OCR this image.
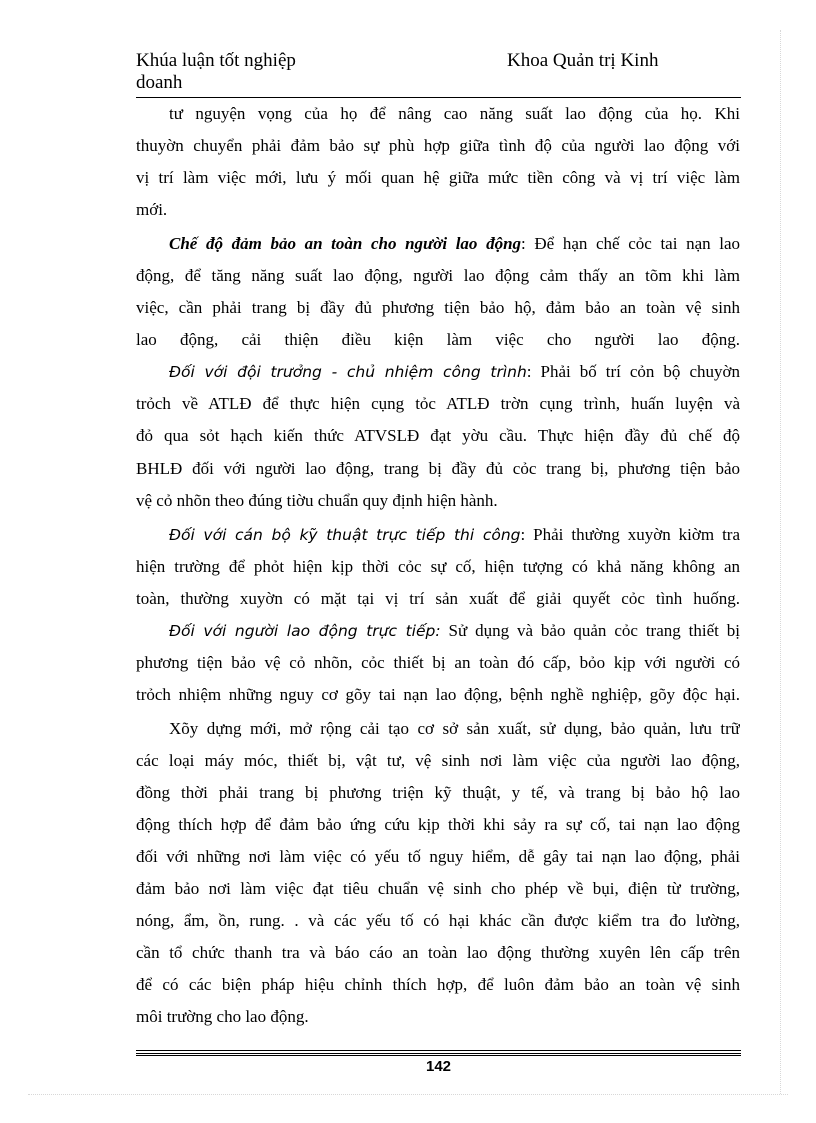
Khúa luận tốt nghiệp
doanh
Khoa Quản trị Kinh
tư nguyện vọng của họ để nâng cao năng suất lao động của họ. Khi
thuyờn chuyển phải đảm bảo sự phù hợp giữa tình độ của người lao động với
vị trí làm việc mới, lưu ý mối quan hệ giữa mức tiền công và vị trí việc làm
mới.
Chế độ đảm bảo an toàn cho người lao động: Để hạn chế cỏc tai nạn lao
động, để tăng năng suất lao động, người lao động cảm thấy an tõm khi làm
việc, cần phải trang bị đầy đủ phương tiện bảo hộ, đảm bảo an toàn vệ sinh
lao động, cải thiện điều kiện làm việc cho người lao động.
Đối với đội trưởng - chủ nhiệm công trình: Phải bố trí cỏn bộ chuyờn
trỏch về ATLĐ để thực hiện cụng tỏc ATLĐ trờn cụng trình, huấn luyện và
đỏ qua sỏt hạch kiến thức ATVSLĐ đạt yờu cầu. Thực hiện đầy đủ chế độ
BHLĐ đối với người lao động, trang bị đầy đủ cỏc trang bị, phương tiện bảo
vệ cỏ nhõn theo đúng tiờu chuẩn quy định hiện hành.
Đối với cán bộ kỹ thuật trực tiếp thi công: Phải thường xuyờn kiờm tra
hiện trường để phỏt hiện kịp thời cỏc sự cố, hiện tượng có khả năng không an
toàn, thường xuyờn có mặt tại vị trí sản xuất để giải quyết cỏc tình huống.
Đối với người lao động trực tiếp: Sử dụng và bảo quản cỏc trang thiết bị
phương tiện bảo vệ cỏ nhõn, cỏc thiết bị an toàn đó cấp, bỏo kịp với người có
trỏch nhiệm những nguy cơ gõy tai nạn lao động, bệnh nghề nghiệp, gõy độc hại.
Xõy dựng mới, mở rộng cải tạo cơ sở sản xuất, sử dụng, bảo quản, lưu trữ
các loại máy móc, thiết bị, vật tư, vệ sinh nơi làm việc của người lao động,
đồng thời phải trang bị phương triện kỹ thuật, y tế, và trang bị bảo hộ lao
động thích hợp để đảm bảo ứng cứu kịp thời khi sảy ra sự cố, tai nạn lao động
đối với những nơi làm việc có yếu tố nguy hiểm, dễ gây tai nạn lao động, phải
đảm bảo nơi làm việc đạt tiêu chuẩn vệ sinh cho phép về bụi, điện từ trường,
nóng, ẩm, ồn, rung. . và các yếu tố có hại khác cần được kiểm tra đo lường,
cần tổ chức thanh tra và báo cáo an toàn lao động thường xuyên lên cấp trên
để có các biện pháp hiệu chỉnh thích hợp, để luôn đảm bảo an toàn vệ sinh
môi trường cho lao động.
142
